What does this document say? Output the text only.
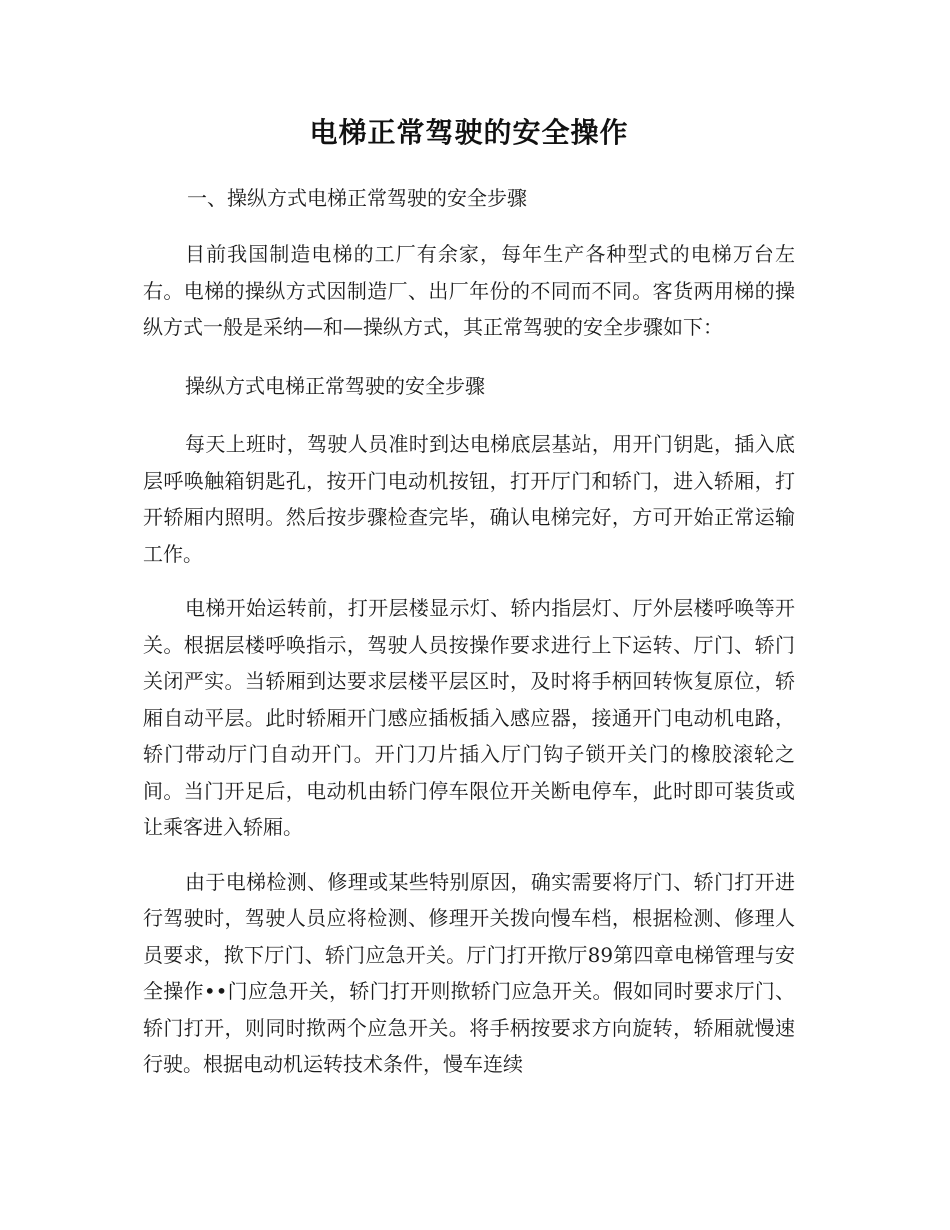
电梯正常驾驶的安全操作
一、操纵方式电梯正常驾驶的安全步骤

目前我国制造电梯的工厂有余家，每年生产各种型式的电梯万台左右。电梯的操纵方式因制造厂、出厂年份的不同而不同。客货两用梯的操纵方式一般是采纳—和—操纵方式，其正常驾驶的安全步骤如下：

操纵方式电梯正常驾驶的安全步骤

每天上班时，驾驶人员准时到达电梯底层基站，用开门钥匙，插入底层呼唤触箱钥匙孔，按开门电动机按钮，打开厅门和轿门，进入轿厢，打开轿厢内照明。然后按步骤检查完毕，确认电梯完好，方可开始正常运输工作。

电梯开始运转前，打开层楼显示灯、轿内指层灯、厅外层楼呼唤等开关。根据层楼呼唤指示，驾驶人员按操作要求进行上下运转、厅门、轿门关闭严实。当轿厢到达要求层楼平层区时，及时将手柄回转恢复原位，轿厢自动平层。此时轿厢开门感应插板插入感应器，接通开门电动机电路，轿门带动厅门自动开门。开门刀片插入厅门钩子锁开关门的橡胶滚轮之间。当门开足后，电动机由轿门停车限位开关断电停车，此时即可装货或让乘客进入轿厢。

由于电梯检测、修理或某些特别原因，确实需要将厅门、轿门打开进行驾驶时，驾驶人员应将检测、修理开关拨向慢车档，根据检测、修理人员要求，揿下厅门、轿门应急开关。厅门打开揿厅89第四章电梯管理与安全操作••门应急开关，轿门打开则揿轿门应急开关。假如同时要求厅门、轿门打开，则同时揿两个应急开关。将手柄按要求方向旋转，轿厢就慢速行驶。根据电动机运转技术条件，慢车连续
